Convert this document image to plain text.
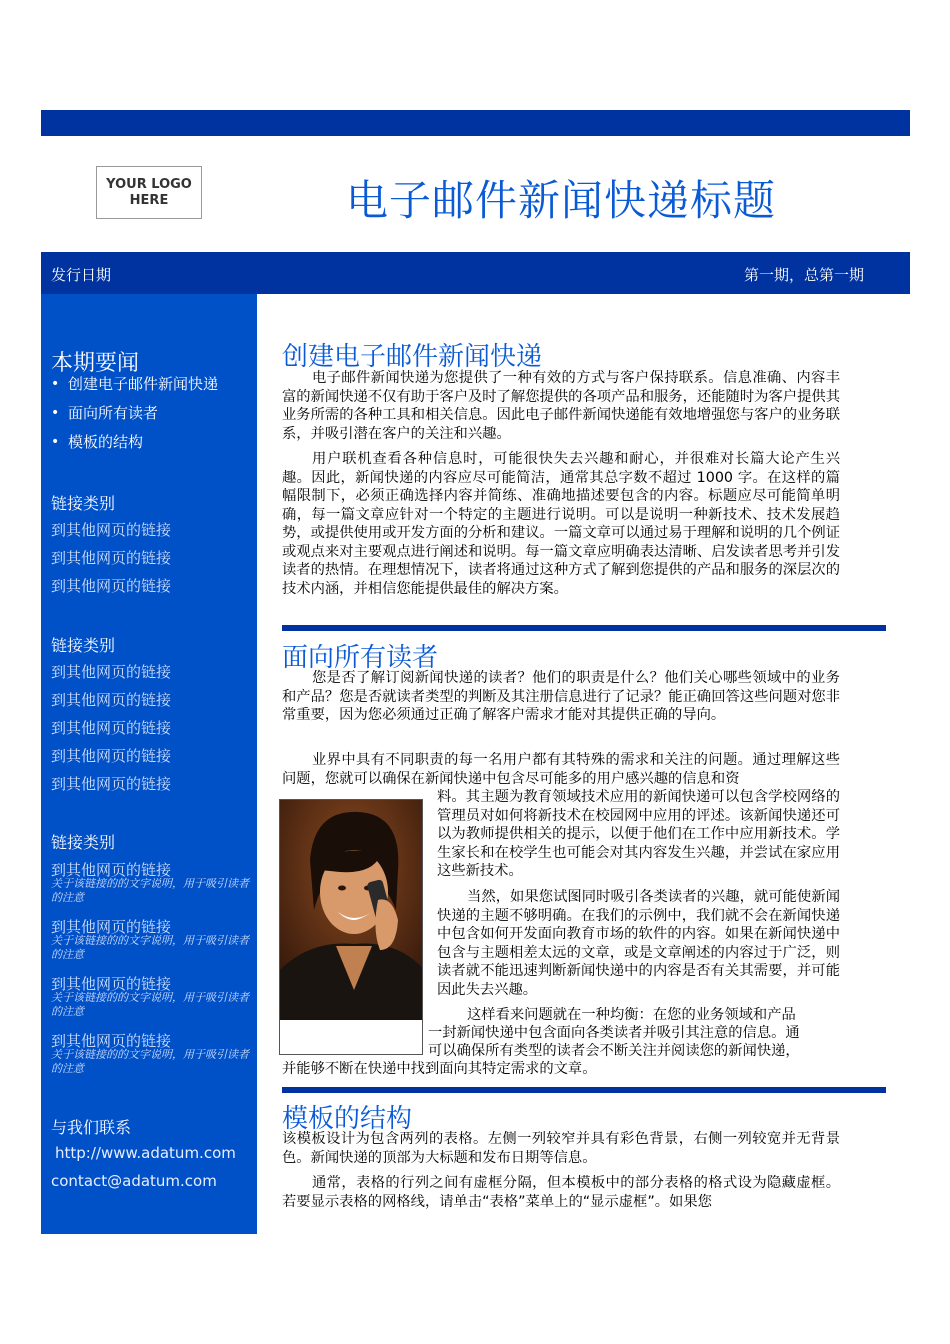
YOUR LOGO
HERE	电子邮件新闻快递标题
发行日期	第一期，总第一期
本期要闻
• 创建电子邮件新闻快递
• 面向所有读者
• 模板的结构
链接类别
到其他网页的链接
到其他网页的链接
到其他网页的链接
链接类别
到其他网页的链接
到其他网页的链接
到其他网页的链接
到其他网页的链接
到其他网页的链接
链接类别
到其他网页的链接
关于该链接的的文字说明，用于吸引读者的注意
到其他网页的链接
关于该链接的的文字说明，用于吸引读者的注意
到其他网页的链接
关于该链接的的文字说明，用于吸引读者的注意
到其他网页的链接
关于该链接的的文字说明，用于吸引读者的注意
与我们联系
http://www.adatum.com
contact@adatum.com
创建电子邮件新闻快递
电子邮件新闻快递为您提供了一种有效的方式与客户保持联系。信息准确、内容丰富的新闻快递不仅有助于客户及时了解您提供的各项产品和服务，还能随时为客户提供其业务所需的各种工具和相关信息。因此电子邮件新闻快递能有效地增强您与客户的业务联系，并吸引潜在客户的关注和兴趣。
用户联机查看各种信息时，可能很快失去兴趣和耐心，并很难对长篇大论产生兴趣。因此，新闻快递的内容应尽可能简洁，通常其总字数不超过 1000 字。在这样的篇幅限制下，必须正确选择内容并简练、准确地描述要包含的内容。标题应尽可能简单明确，每一篇文章应针对一个特定的主题进行说明。可以是说明一种新技术、技术发展趋势，或提供使用或开发方面的分析和建议。一篇文章可以通过易于理解和说明的几个例证或观点来对主要观点进行阐述和说明。每一篇文章应明确表达清晰、启发读者思考并引发读者的热情。在理想情况下，读者将通过这种方式了解到您提供的产品和服务的深层次的技术内涵，并相信您能提供最佳的解决方案。
面向所有读者
您是否了解订阅新闻快递的读者？他们的职责是什么？他们关心哪些领域中的业务和产品？您是否就读者类型的判断及其注册信息进行了记录？能正确回答这些问题对您非常重要，因为您必须通过正确了解客户需求才能对其提供正确的导向。
业界中具有不同职责的每一名用户都有其特殊的需求和关注的问题。通过理解这些问题，您就可以确保在新闻快递中包含尽可能多的用户感兴趣的信息和资
料。其主题为教育领域技术应用的新闻快递可以包含学校网络的管理员对如何将新技术在校园网中应用的评述。该新闻快递还可以为教师提供相关的提示，以便于他们在工作中应用新技术。学生家长和在校学生也可能会对其内容发生兴趣，并尝试在家应用这些新技术。
当然，如果您试图同时吸引各类读者的兴趣，就可能使新闻快递的主题不够明确。在我们的示例中，我们就不会在新闻快递中包含如何开发面向教育市场的软件的内容。如果在新闻快递中包含与主题相差太远的文章，或是文章阐述的内容过于广泛，则读者就不能迅速判断新闻快递中的内容是否有关其需要，并可能因此失去兴趣。
这样看来问题就在一种均衡：在您的业务领域和产品
一封新闻快递中包含面向各类读者并吸引其注意的信息。通
可以确保所有类型的读者会不断关注并阅读您的新闻快递，
并能够不断在快递中找到面向其特定需求的文章。
模板的结构
该模板设计为包含两列的表格。左侧一列较窄并具有彩色背景，右侧一列较宽并无背景色。新闻快递的顶部为大标题和发布日期等信息。
通常，表格的行列之间有虚框分隔，但本模板中的部分表格的格式设为隐藏虚框。若要显示表格的网格线，请单击“表格”菜单上的“显示虚框”。如果您
